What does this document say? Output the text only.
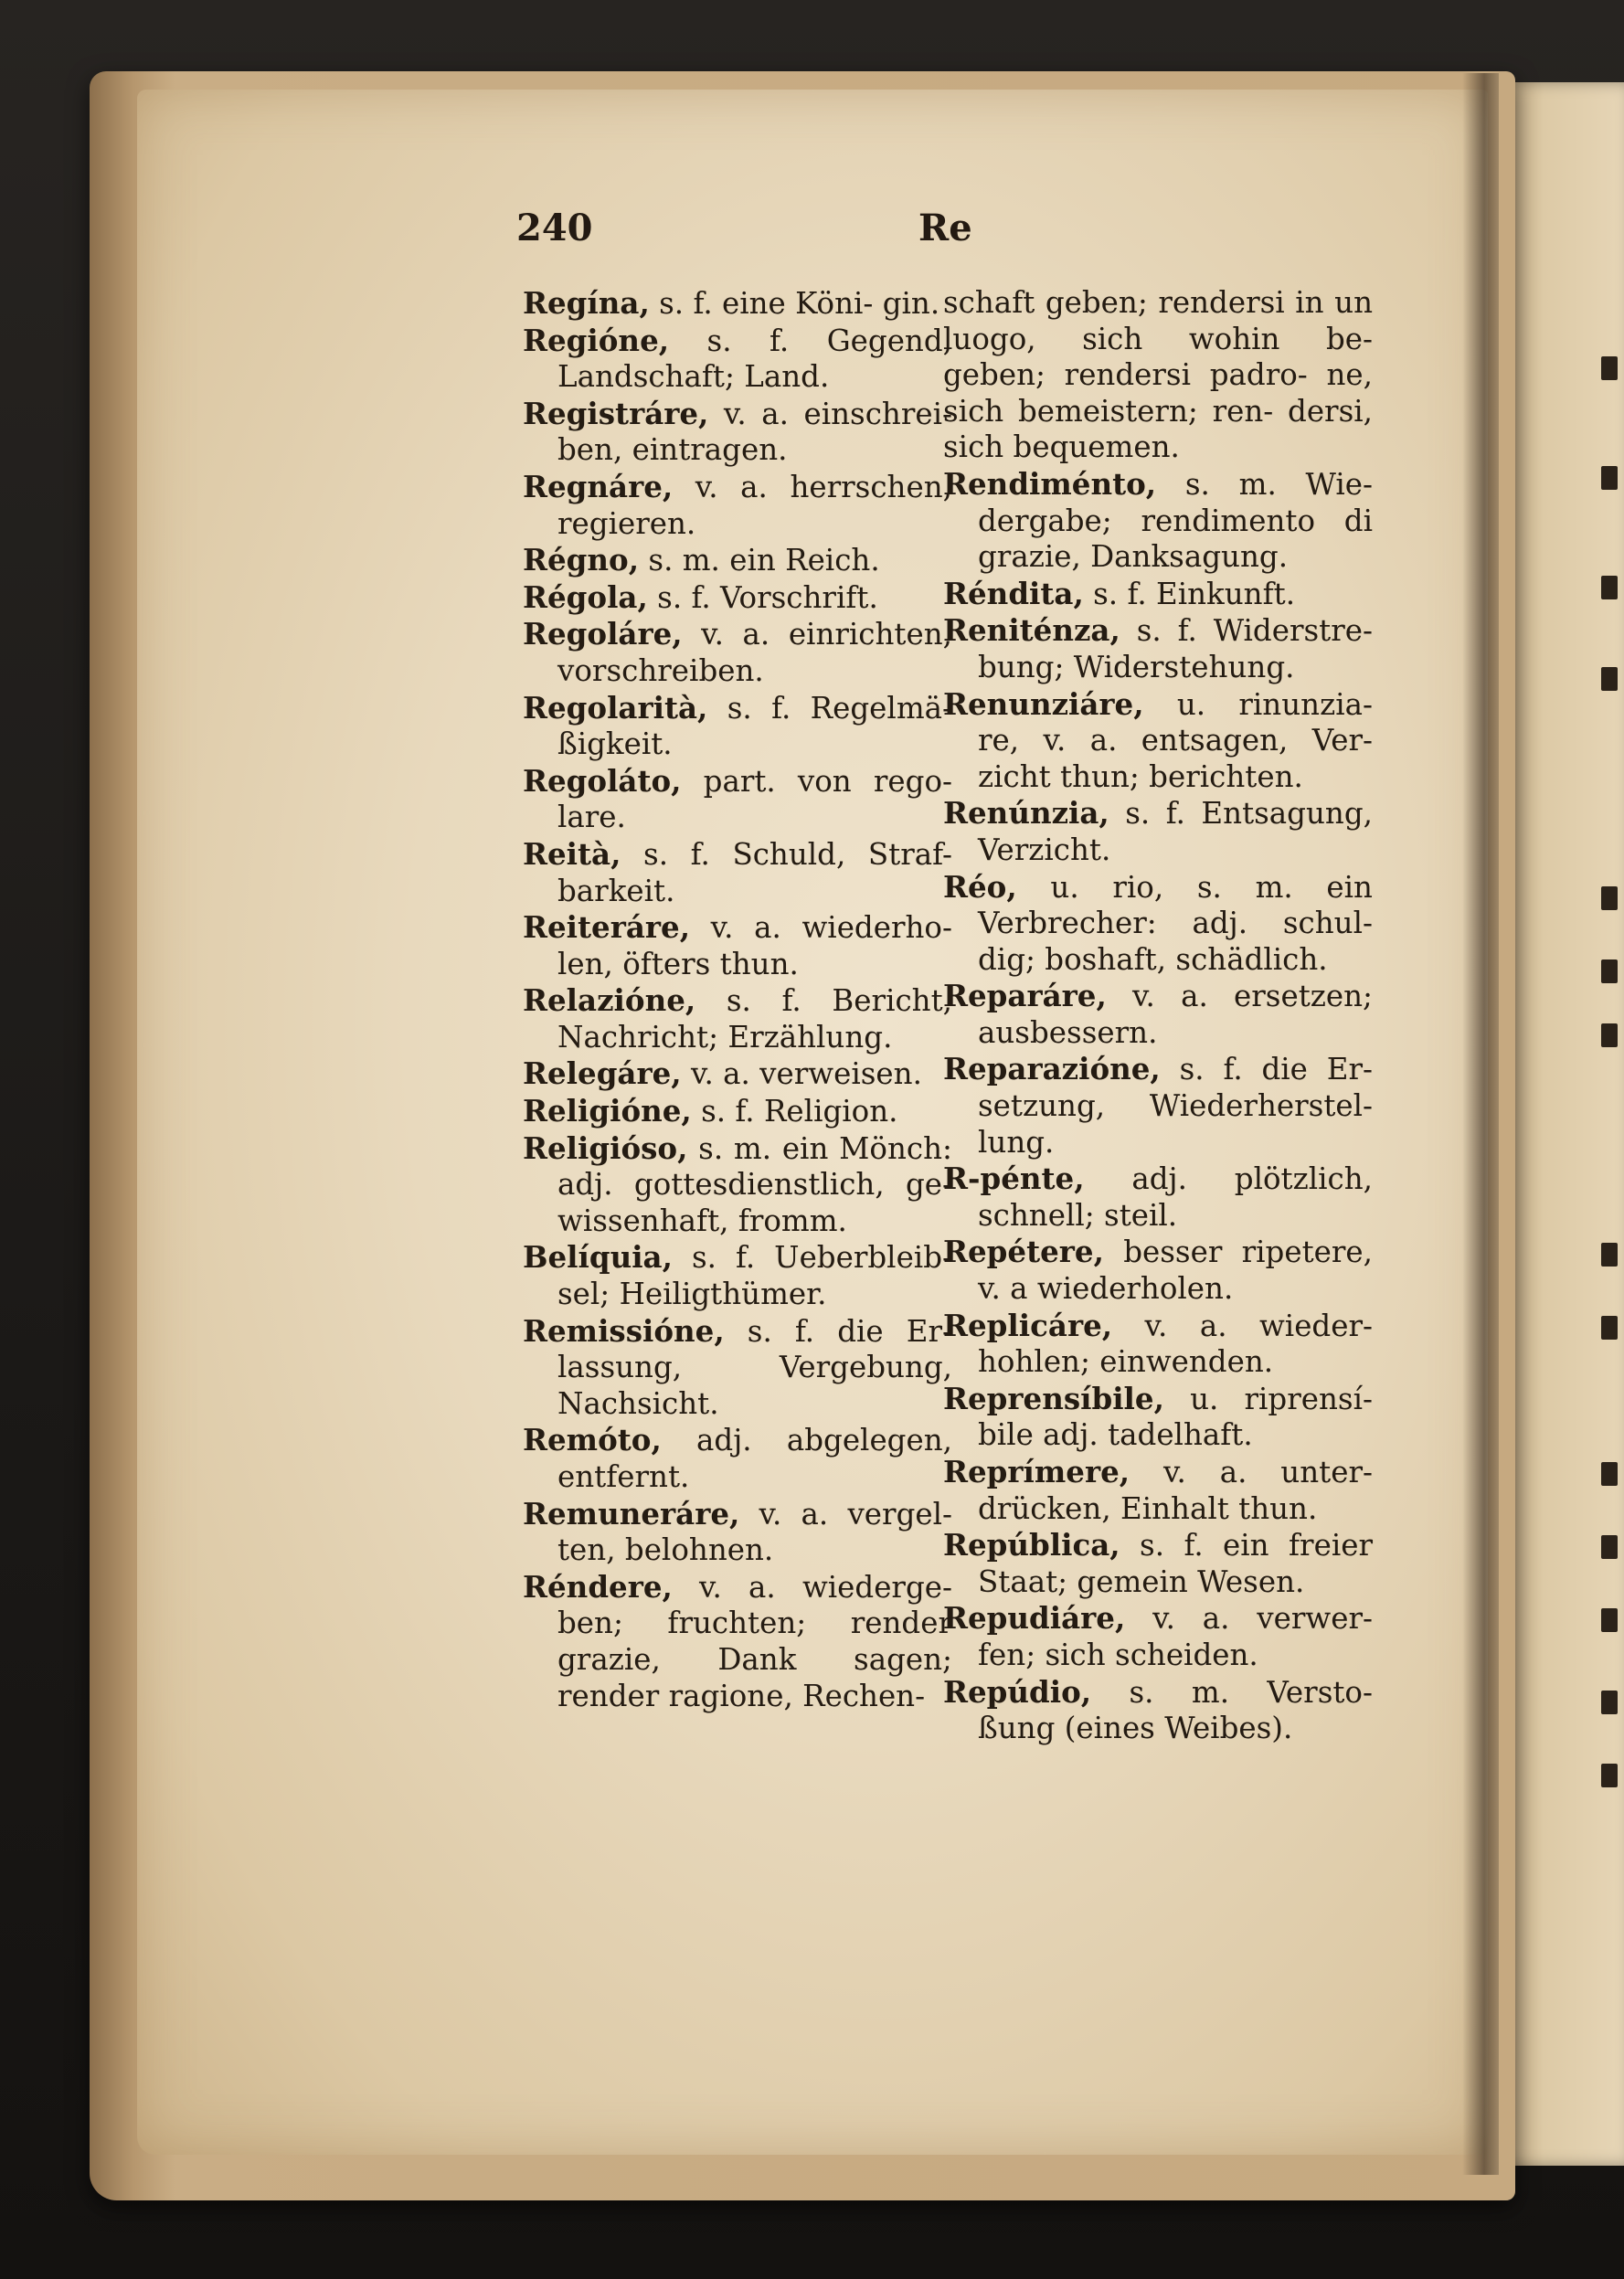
240	Re
Regína, s. f. eine Köni- gin.
Regióne, s. f. Gegend, Landschaft; Land.
Registráre, v. a. einschrei- ben, eintragen.
Regnáre, v. a. herrschen, regieren.
Régno, s. m. ein Reich.
Régola, s. f. Vorschrift.
Regoláre, v. a. einrichten, vorschreiben.
Regolarità, s. f. Regelmä- ßigkeit.
Regoláto, part. von rego- lare.
Reità, s. f. Schuld, Straf- barkeit.
Reiteráre, v. a. wiederho- len, öfters thun.
Relazióne, s. f. Bericht, Nachricht; Erzählung.
Relegáre, v. a. verweisen.
Religióne, s. f. Religion.
Religióso, s. m. ein Mönch: adj. gottesdienstlich, ge- wissenhaft, fromm.
Belíquia, s. f. Ueberbleib- sel; Heiligthümer.
Remissióne, s. f. die Er- lassung, Vergebung, Nachsicht.
Remóto, adj. abgelegen, entfernt.
Remuneráre, v. a. vergel- ten, belohnen.
Réndere, v. a. wiederge- ben; fruchten; render grazie, Dank sagen; render ragione, Rechen-
schaft geben; rendersi in un luogo, sich wohin be- geben; rendersi padro- ne, sich bemeistern; ren- dersi, sich bequemen.
Rendiménto, s. m. Wie- dergabe; rendimento di grazie, Danksagung.
Réndita, s. f. Einkunft.
Reniténza, s. f. Widerstre- bung; Widerstehung.
Renunziáre, u. rinunzia- re, v. a. entsagen, Ver- zicht thun; berichten.
Renúnzia, s. f. Entsagung, Verzicht.
Réo, u. rio, s. m. ein Verbrecher: adj. schul- dig; boshaft, schädlich.
Reparáre, v. a. ersetzen; ausbessern.
Reparazióne, s. f. die Er- setzung, Wiederherstel- lung.
R-pénte, adj. plötzlich, schnell; steil.
Repétere, besser ripetere, v. a wiederholen.
Replicáre, v. a. wieder- hohlen; einwenden.
Reprensíbile, u. riprensí- bile adj. tadelhaft.
Reprímere, v. a. unter- drücken, Einhalt thun.
República, s. f. ein freier Staat; gemein Wesen.
Repudiáre, v. a. verwer- fen; sich scheiden.
Repúdio, s. m. Versto- ßung (eines Weibes).
